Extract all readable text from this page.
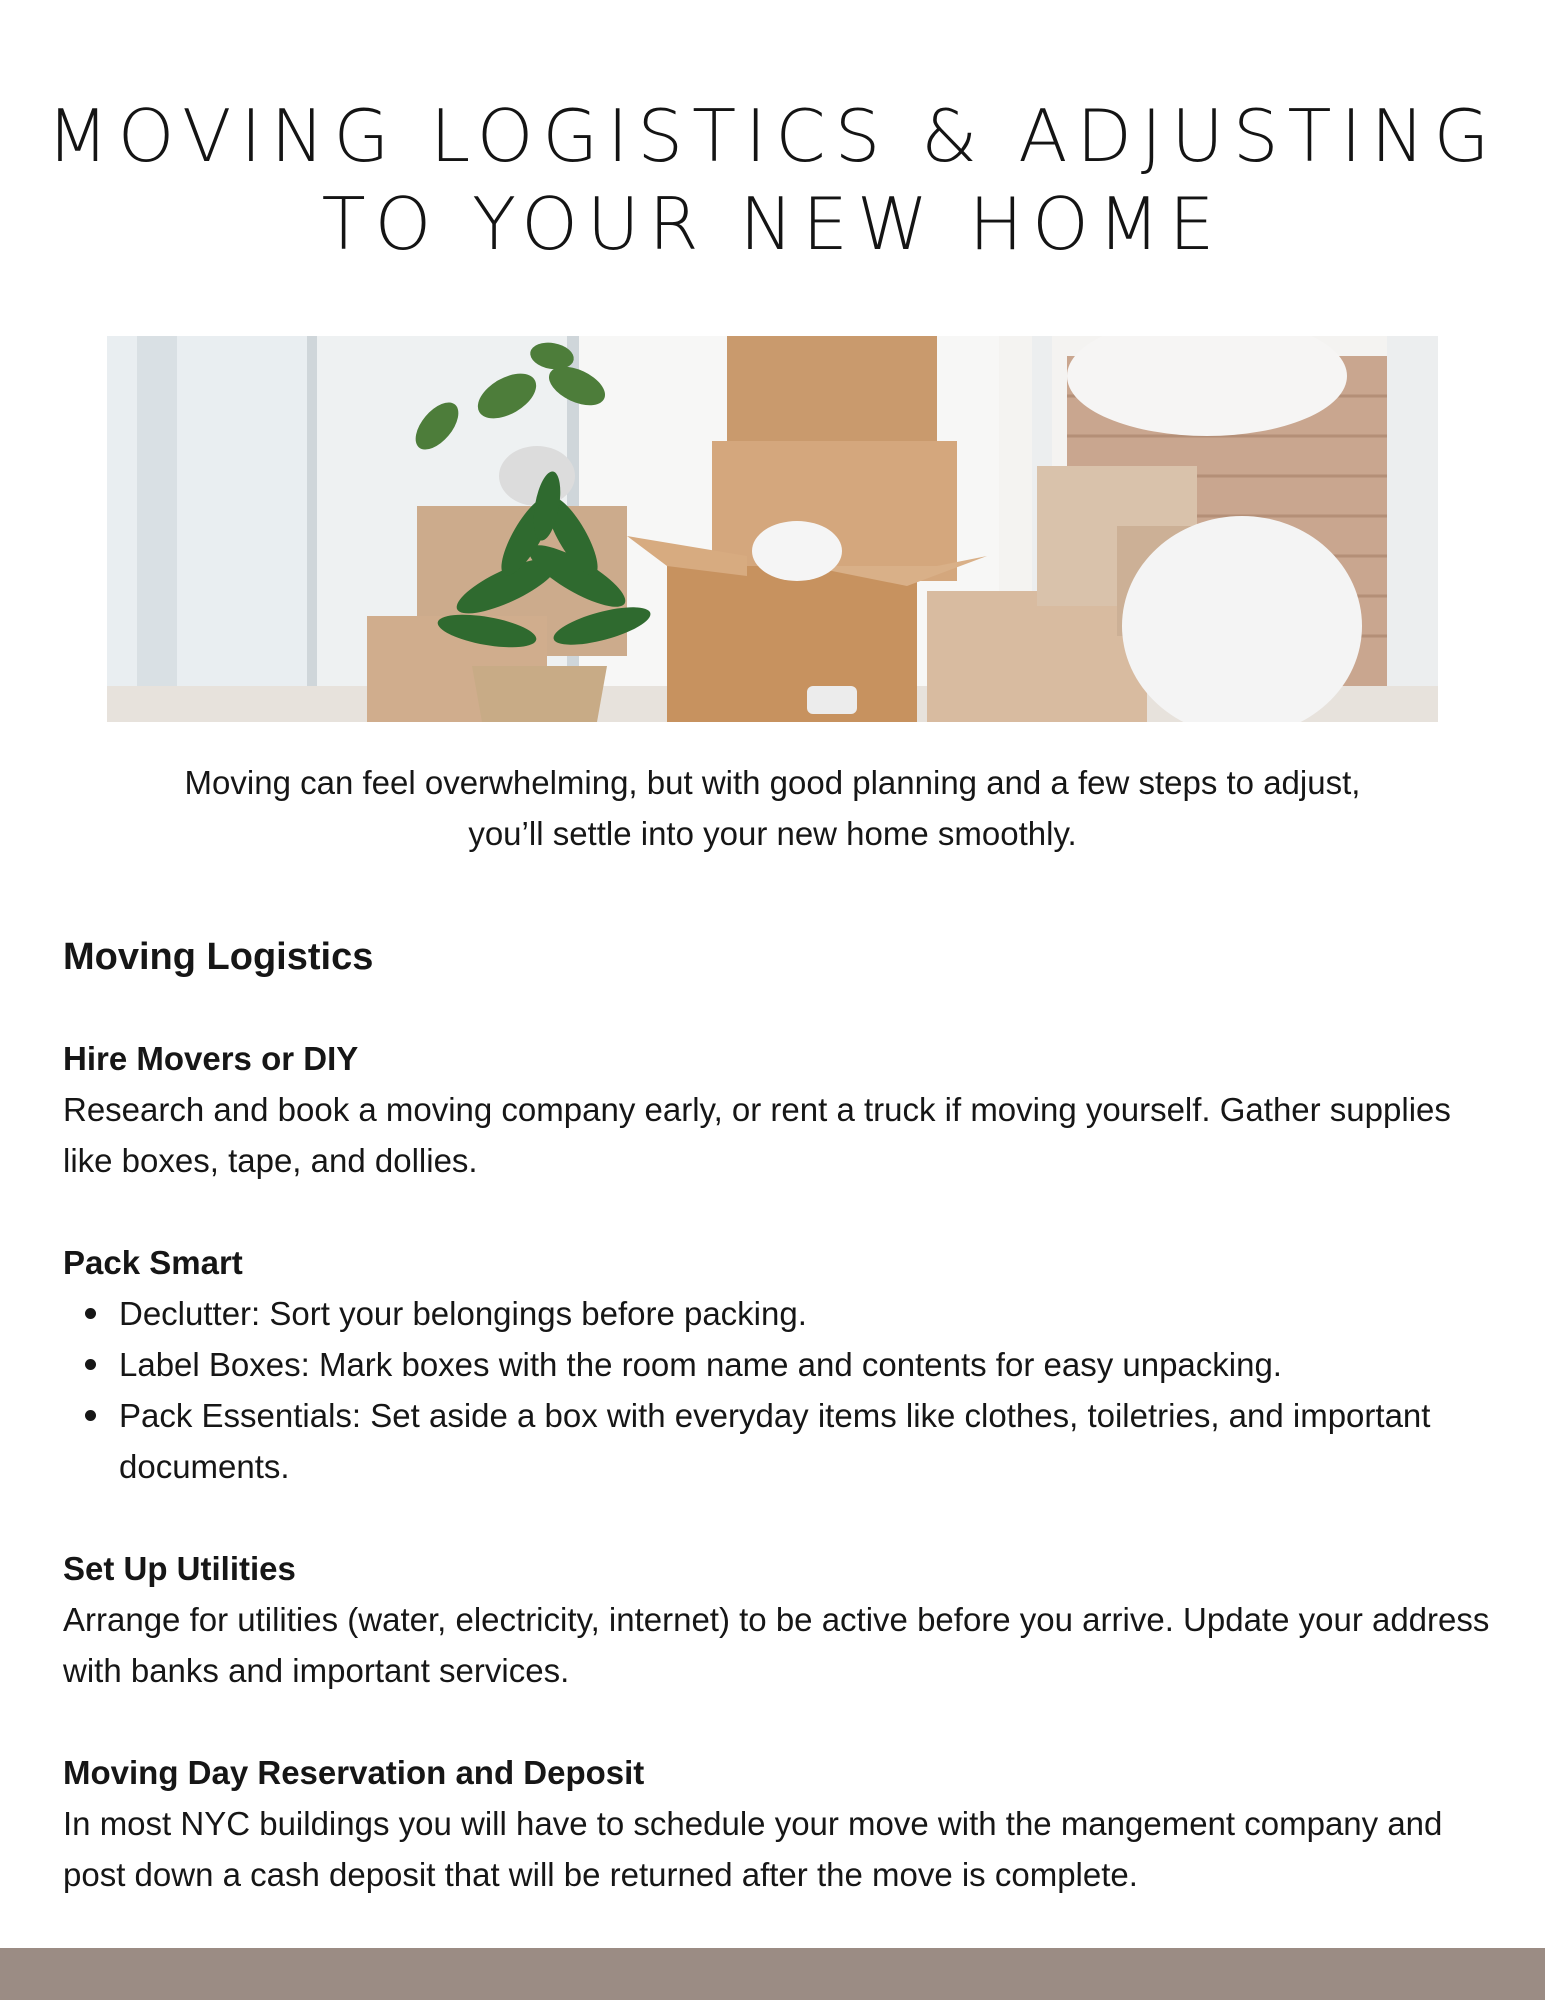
MOVING LOGISTICS & ADJUSTING
TO YOUR NEW HOME
Moving can feel overwhelming, but with good planning and a few steps to adjust,
you’ll settle into your new home smoothly.
Moving Logistics
Hire Movers or DIY

Research and book a moving company early, or rent a truck if moving yourself. Gather supplies like boxes, tape, and dollies.

Pack Smart
Declutter: Sort your belongings before packing.
Label Boxes: Mark boxes with the room name and contents for easy unpacking.
Pack Essentials: Set aside a box with everyday items like clothes, toiletries, and important documents.
Set Up Utilities

Arrange for utilities (water, electricity, internet) to be active before you arrive. Update your address with banks and important services.

Moving Day Reservation and Deposit

In most NYC buildings you will have to schedule your move with the mangement company and post down a cash deposit that will be returned after the move is complete.
